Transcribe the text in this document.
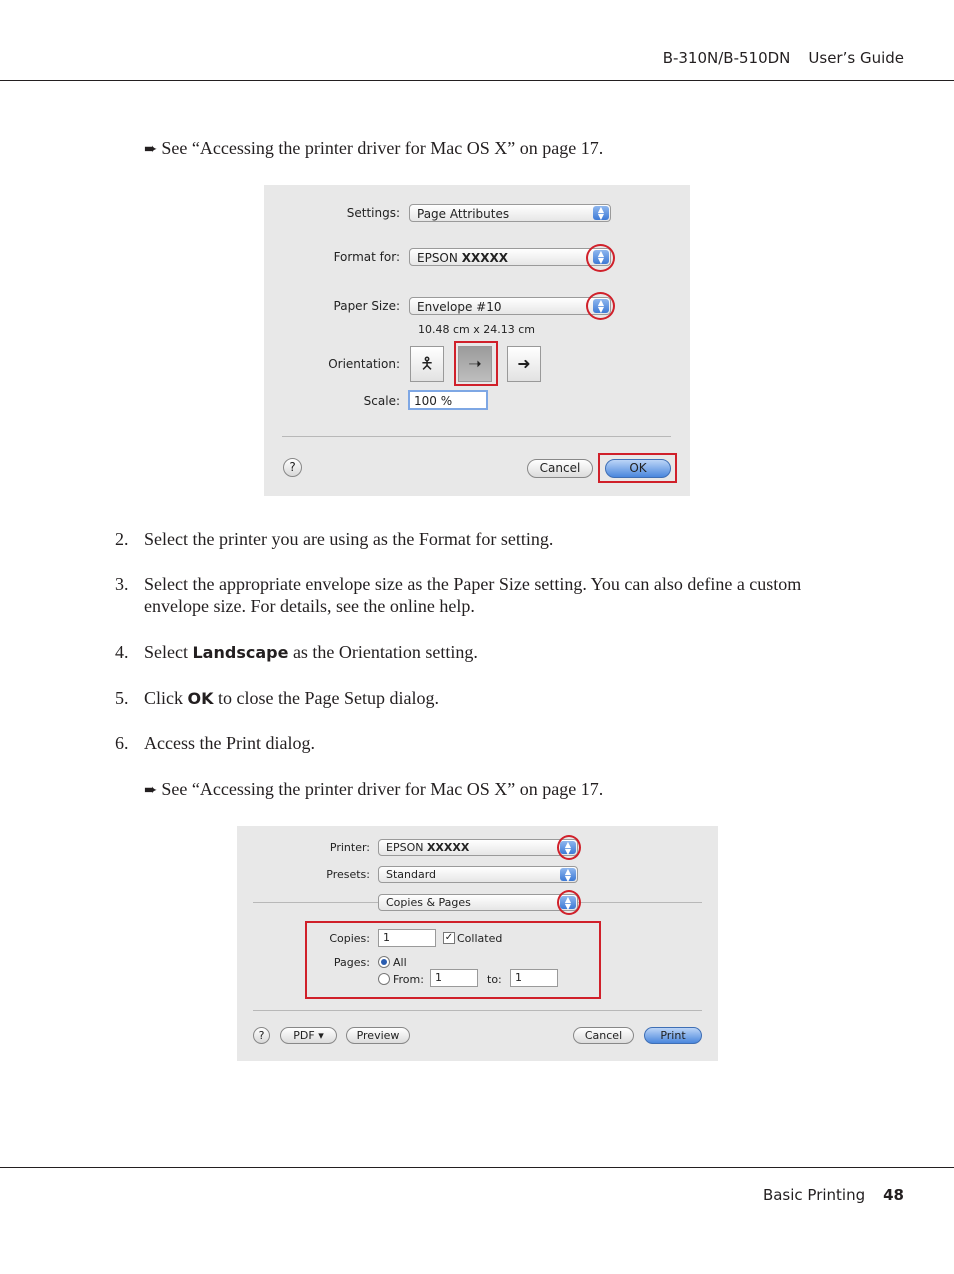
B-310N/B-510DN User’s Guide
➨ See “Accessing the printer driver for Mac OS X” on page 17.
Settings:	Page Attributes	▲
▼
Format for:	EPSON XXXXX	▲
▼
Paper Size:	Envelope #10	▲
▼
10.48 cm x 24.13 cm
Orientation:	🯅	➝	➜
Scale:	100 %
?	Cancel	OK
2. Select the printer you are using as the Format for setting.
3. Select the appropriate envelope size as the Paper Size setting. You can also define a custom envelope size. For details, see the online help.
4. Select Landscape as the Orientation setting.
5. Click OK to close the Page Setup dialog.
6. Access the Print dialog.
➨ See “Accessing the printer driver for Mac OS X” on page 17.
Printer:	EPSON XXXXX	▲
▼
Presets:	Standard	▲
▼
Copies & Pages	▲
▼
Copies:	1	✓ Collated
Pages: All
From:	1	to:	1
?	PDF ▾	Preview	Cancel	Print
Basic Printing 48
